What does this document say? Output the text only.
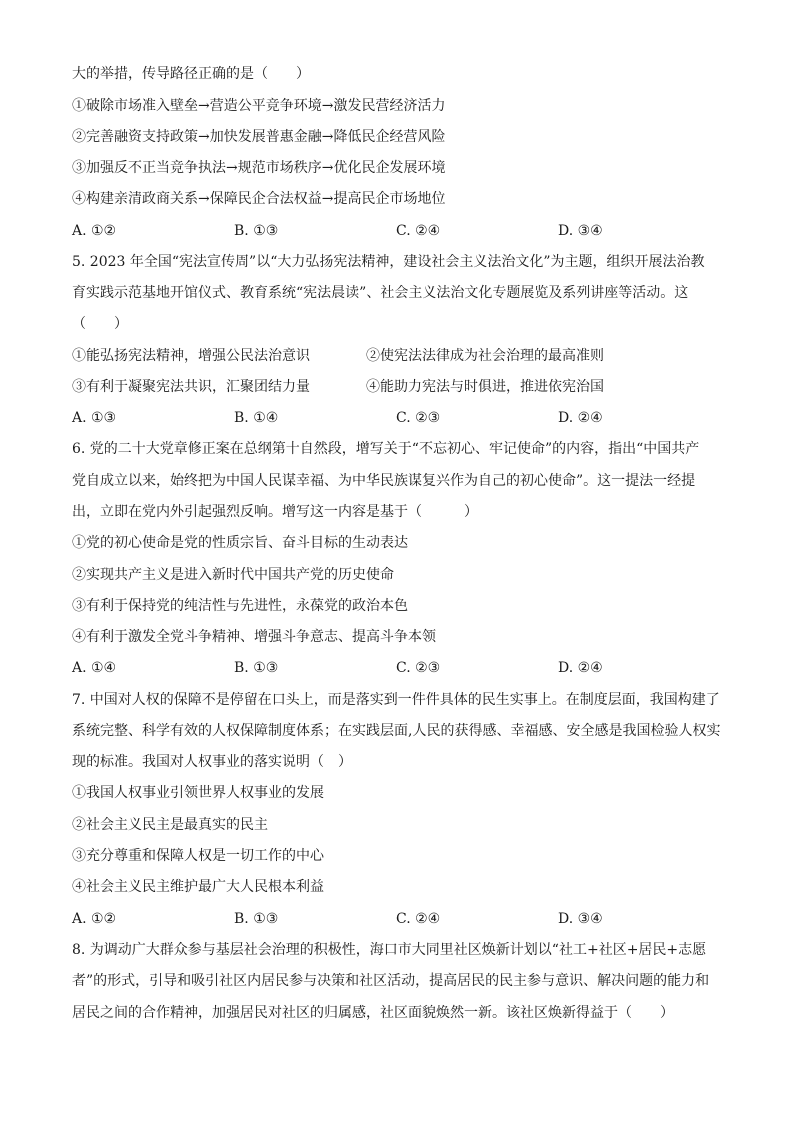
大的举措，传导路径正确的是（　　）
①破除市场准入壁垒→营造公平竞争环境→激发民营经济活力
②完善融资支持政策→加快发展普惠金融→降低民企经营风险
③加强反不正当竞争执法→规范市场秩序→优化民企发展环境
④构建亲清政商关系→保障民企合法权益→提高民企市场地位
A. ①②	B. ①③	C. ②④	D. ③④
5. 2023 年全国“宪法宣传周”以“大力弘扬宪法精神，建设社会主义法治文化”为主题，组织开展法治教
育实践示范基地开馆仪式、教育系统“宪法晨读”、社会主义法治文化专题展览及系列讲座等活动。这
（　　）
①能弘扬宪法精神，增强公民法治意识	②使宪法法律成为社会治理的最高准则
③有利于凝聚宪法共识，汇聚团结力量	④能助力宪法与时俱进，推进依宪治国
A. ①③	B. ①④	C. ②③	D. ②④
6. 党的二十大党章修正案在总纲第十自然段，增写关于“不忘初心、牢记使命”的内容，指出“中国共产
党自成立以来，始终把为中国人民谋幸福、为中华民族谋复兴作为自己的初心使命”。这一提法一经提
出，立即在党内外引起强烈反响。增写这一内容是基于（　　　）
①党的初心使命是党的性质宗旨、奋斗目标的生动表达
②实现共产主义是进入新时代中国共产党的历史使命
③有利于保持党的纯洁性与先进性，永葆党的政治本色
④有利于激发全党斗争精神、增强斗争意志、提高斗争本领
A. ①④	B. ①③	C. ②③	D. ②④
7. 中国对人权的保障不是停留在口头上，而是落实到一件件具体的民生实事上。在制度层面，我国构建了
系统完整、科学有效的人权保障制度体系；在实践层面,人民的获得感、幸福感、安全感是我国检验人权实
现的标准。我国对人权事业的落实说明（　）
①我国人权事业引领世界人权事业的发展
②社会主义民主是最真实的民主
③充分尊重和保障人权是一切工作的中心
④社会主义民主维护最广大人民根本利益
A. ①②	B. ①③	C. ②④	D. ③④
8. 为调动广大群众参与基层社会治理的积极性，海口市大同里社区焕新计划以“社工+社区+居民+志愿
者”的形式，引导和吸引社区内居民参与决策和社区活动，提高居民的民主参与意识、解决问题的能力和
居民之间的合作精神，加强居民对社区的归属感，社区面貌焕然一新。该社区焕新得益于（　　）
